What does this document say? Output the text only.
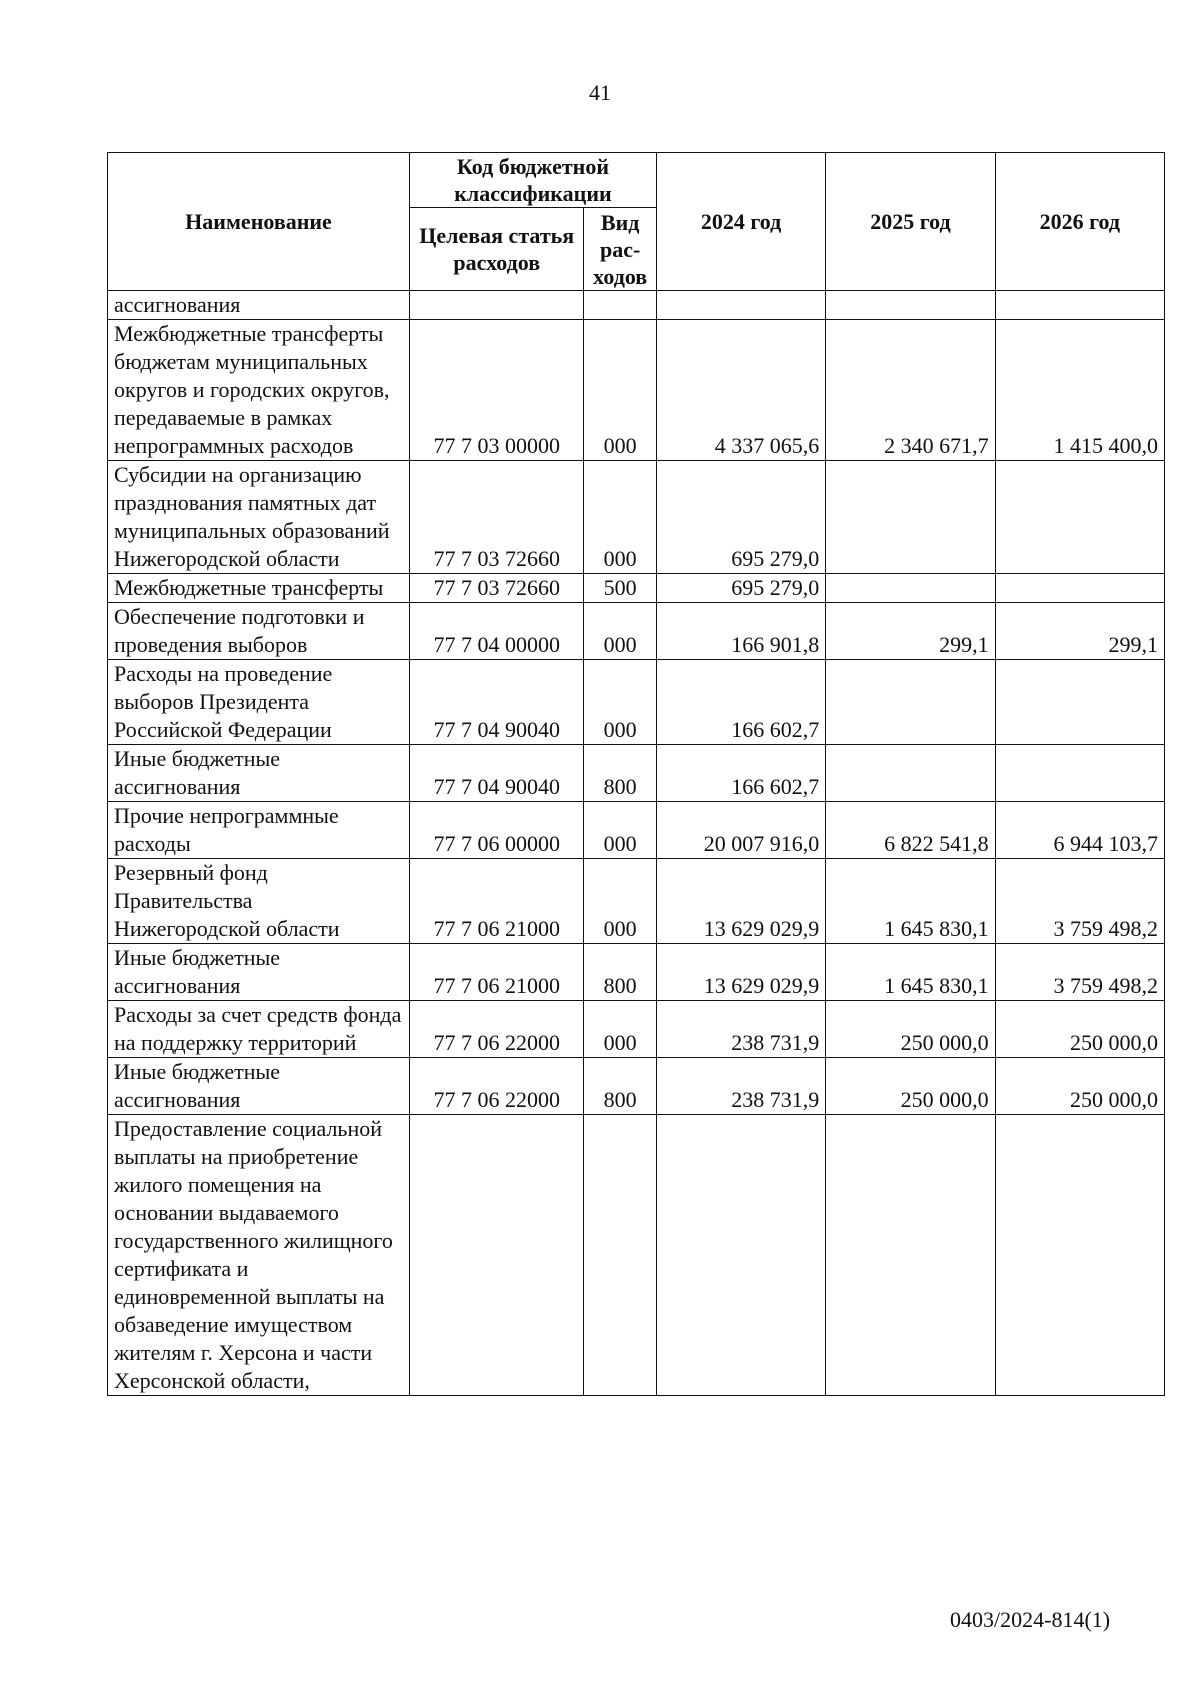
41
Наименование	Код бюджетной классификации		2024 год	2025 год	2026 год
	Целевая статья расходов	Вид рас-ходов			
ассигнования					
Межбюджетные трансферты бюджетам муниципальных округов и городских округов, передаваемые в рамках непрограммных расходов	77 7 03 00000	000	4 337 065,6	2 340 671,7	1 415 400,0
Субсидии на организацию празднования памятных дат муниципальных образований Нижегородской области	77 7 03 72660	000	695 279,0		
Межбюджетные трансферты	77 7 03 72660	500	695 279,0		
Обеспечение подготовки и проведения выборов	77 7 04 00000	000	166 901,8	299,1	299,1
Расходы на проведение выборов Президента Российской Федерации	77 7 04 90040	000	166 602,7		
Иные бюджетные ассигнования	77 7 04 90040	800	166 602,7		
Прочие непрограммные расходы	77 7 06 00000	000	20 007 916,0	6 822 541,8	6 944 103,7
Резервный фонд Правительства Нижегородской области	77 7 06 21000	000	13 629 029,9	1 645 830,1	3 759 498,2
Иные бюджетные ассигнования	77 7 06 21000	800	13 629 029,9	1 645 830,1	3 759 498,2
Расходы за счет средств фонда на поддержку территорий	77 7 06 22000	000	238 731,9	250 000,0	250 000,0
Иные бюджетные ассигнования	77 7 06 22000	800	238 731,9	250 000,0	250 000,0
Предоставление социальной выплаты на приобретение жилого помещения на основании выдаваемого государственного жилищного сертификата и единовременной выплаты на обзаведение имуществом жителям г. Херсона и части Херсонской области,					
0403/2024-814(1)
